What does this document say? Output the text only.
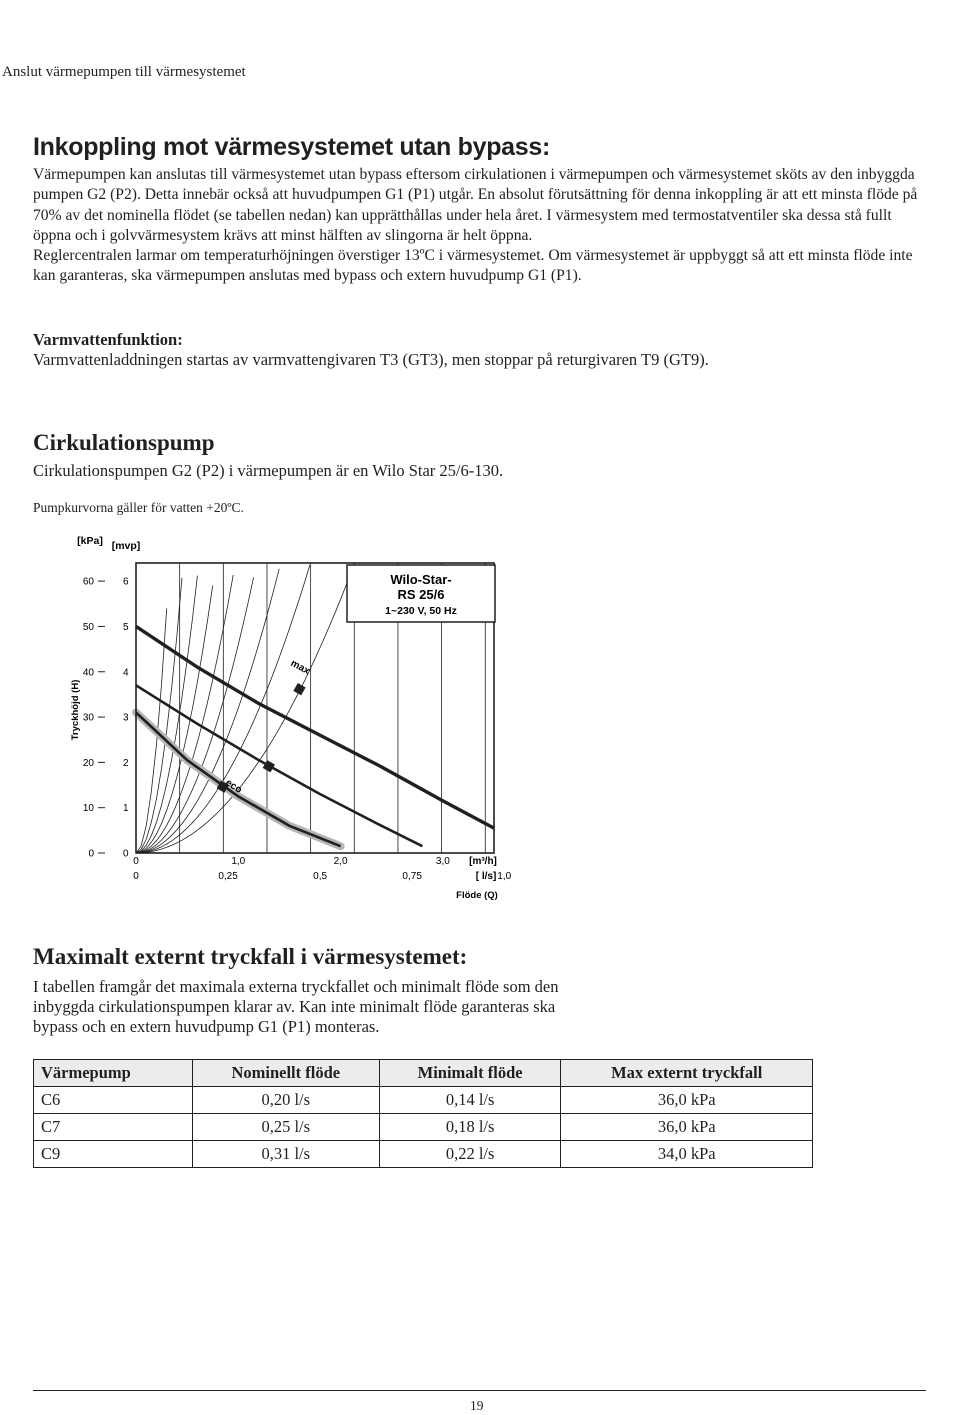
Anslut värmepumpen till värmesystemet
Inkoppling mot värmesystemet utan bypass:

Värmepumpen kan anslutas till värmesystemet utan bypass eftersom cirkulationen i värmepumpen och värmesystemet sköts av den inbyggda pumpen G2 (P2). Detta innebär också att huvudpumpen G1 (P1) utgår. En absolut förutsättning för denna inkoppling är att ett minsta flöde på 70% av det nominella flödet (se tabellen nedan) kan upprätthållas under hela året. I värmesystem med termostatventiler ska dessa stå fullt öppna och i golvvärmesystem krävs att minst hälften av slingorna är helt öppna.

Reglercentralen larmar om temperaturhöjningen överstiger 13ºC i värmesystemet. Om värmesystemet är uppbyggt så att ett minsta flöde inte kan garanteras, ska värmepumpen anslutas med bypass och extern huvudpump G1 (P1).

Varmvattenfunktion:
Varmvattenladdningen startas av varmvattengivaren T3 (GT3), men stoppar på returgivaren T9 (GT9).
Cirkulationspump
Cirkulationspumpen G2 (P2) i värmepumpen är en Wilo Star 25/6-130.
Pumpkurvorna gäller för vatten +20ºC.
Wilo-Star-
RS 25/6
1~230 V, 50 Hz
[kPa] [mvp]
Tryckhöjd (H)
60	6
50	5
40	4
30	3
20	2
10	1
0	0
0	1,0	2,0	3,0
0	0,25	0,5	0,75	1,0
[m³/h]
[ l/s]
Flöde (Q)
max
eco
Maximalt externt tryckfall i värmesystemet:
I tabellen framgår det maximala externa tryckfallet och minimalt flöde som den inbyggda cirkulationspumpen klarar av. Kan inte minimalt flöde garanteras ska bypass och en extern huvudpump G1 (P1) monteras.
Värmepump	Nominellt flöde	Minimalt flöde	Max externt tryckfall
C6	0,20 l/s	0,14 l/s	36,0 kPa
C7	0,25 l/s	0,18 l/s	36,0 kPa
C9	0,31 l/s	0,22 l/s	34,0 kPa
19
